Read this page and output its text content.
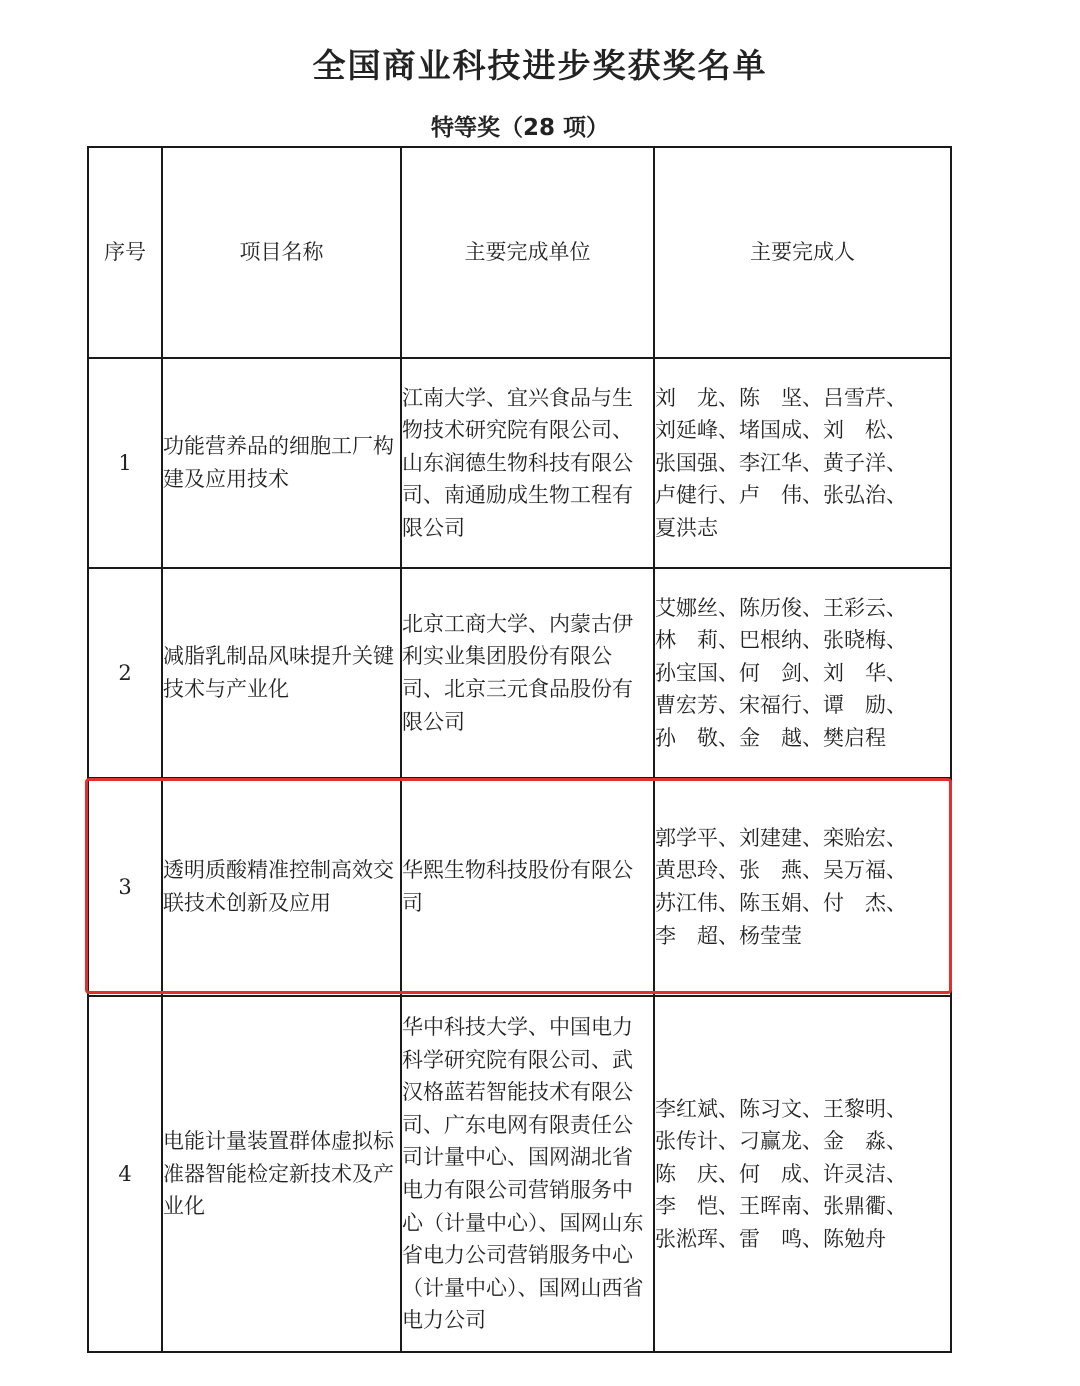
全国商业科技进步奖获奖名单
特等奖（28 项）
序号	项目名称	主要完成单位	主要完成人
1	功能营养品的细胞工厂构建及应用技术	江南大学、宜兴食品与生物技术研究院有限公司、山东润德生物科技有限公司、南通励成生物工程有限公司	刘　龙、陈　坚、吕雪芹、
刘延峰、堵国成、刘　松、
张国强、李江华、黄子洋、
卢健行、卢　伟、张弘治、
夏洪志

2	减脂乳制品风味提升关键技术与产业化	北京工商大学、内蒙古伊利实业集团股份有限公司、北京三元食品股份有限公司	艾娜丝、陈历俊、王彩云、
林　莉、巴根纳、张晓梅、
孙宝国、何　剑、刘　华、
曹宏芳、宋福行、谭　励、
孙　敬、金　越、樊启程

3	透明质酸精准控制高效交联技术创新及应用	华熙生物科技股份有限公司	郭学平、刘建建、栾贻宏、
黄思玲、张　燕、吴万福、
苏江伟、陈玉娟、付　杰、
李　超、杨莹莹

4	电能计量装置群体虚拟标准器智能检定新技术及产业化	华中科技大学、中国电力科学研究院有限公司、武汉格蓝若智能技术有限公司、广东电网有限责任公司计量中心、国网湖北省电力有限公司营销服务中心（计量中心）、国网山东省电力公司营销服务中心（计量中心）、国网山西省电力公司	李红斌、陈习文、王黎明、
张传计、刁赢龙、金　淼、
陈　庆、何　成、许灵洁、
李　恺、王晖南、张鼎衢、
张淞珲、雷　鸣、陈勉舟
